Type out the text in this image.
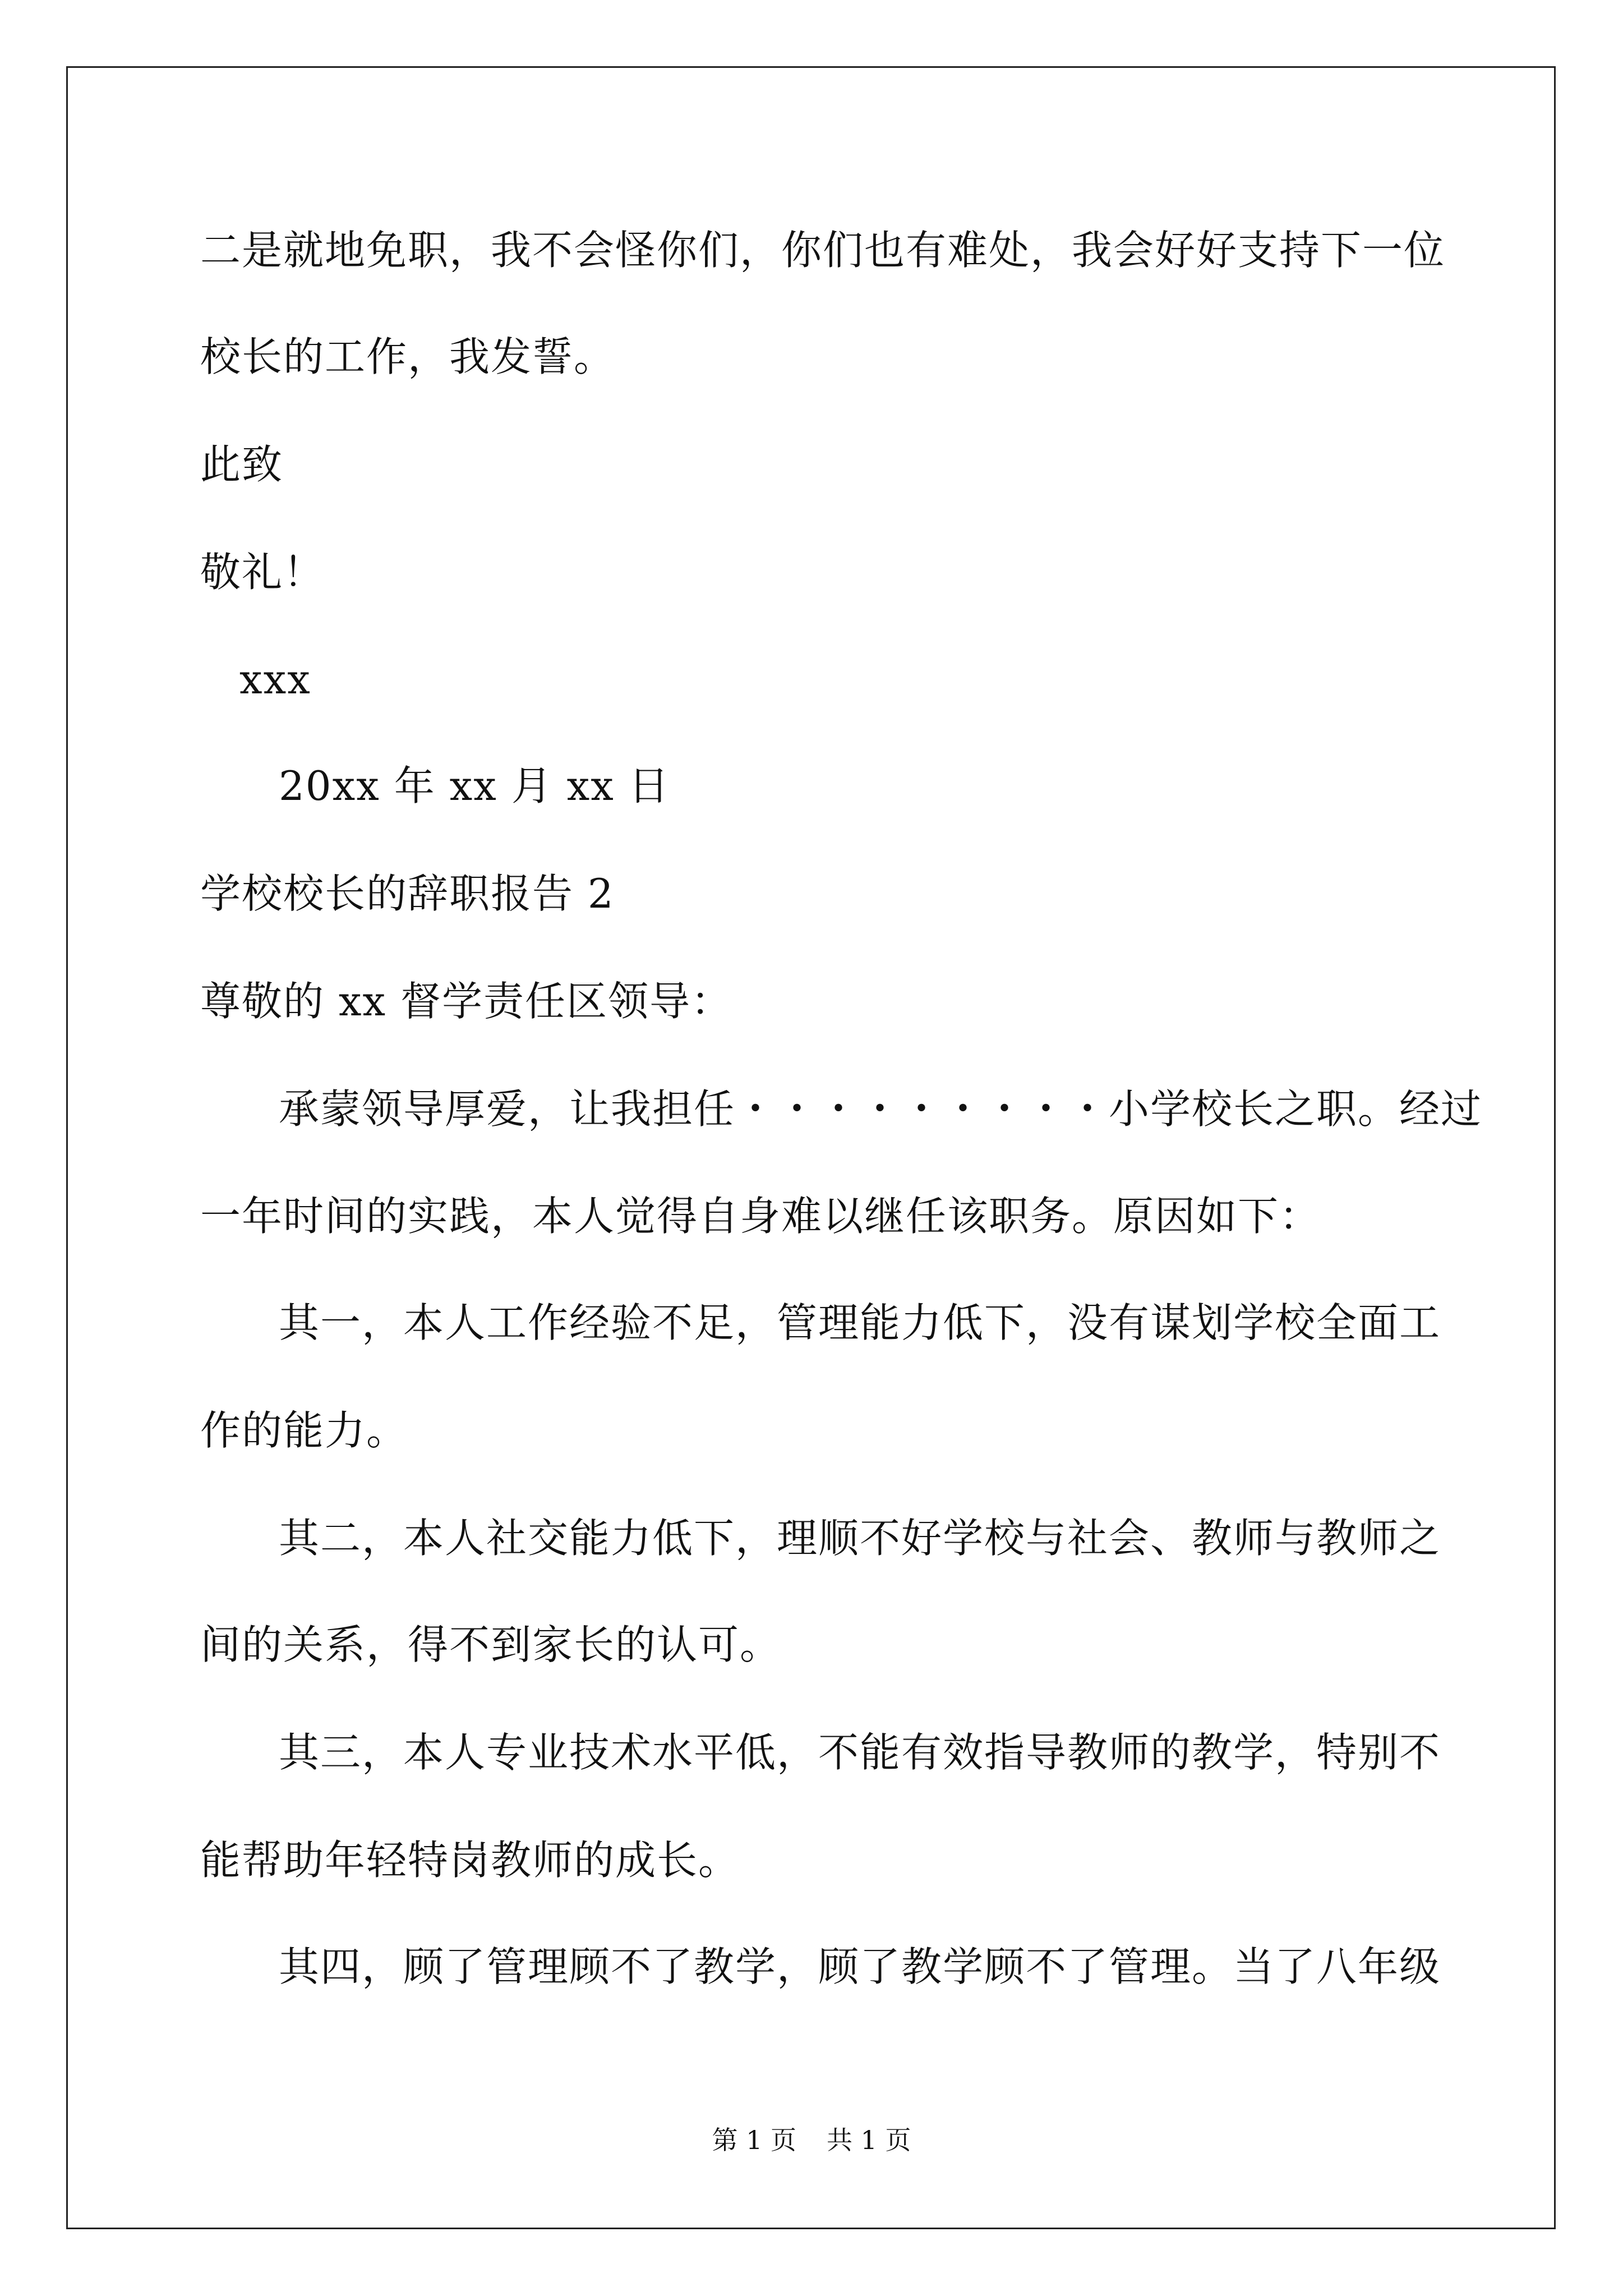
二是就地免职，我不会怪你们，你们也有难处，我会好好支持下一位
校长的工作，我发誓。
此致
敬礼！
xxx
20xx 年 xx 月 xx 日
学校校长的辞职报告 2
尊敬的 xx 督学责任区领导：
承蒙领导厚爱，让我担任・・・・・・・・・小学校长之职。经过
一年时间的实践，本人觉得自身难以继任该职务。原因如下：
其一，本人工作经验不足，管理能力低下，没有谋划学校全面工
作的能力。
其二，本人社交能力低下，理顺不好学校与社会、教师与教师之
间的关系，得不到家长的认可。
其三，本人专业技术水平低，不能有效指导教师的教学，特别不
能帮助年轻特岗教师的成长。
其四，顾了管理顾不了教学，顾了教学顾不了管理。当了八年级
第 1 页 共 1 页
